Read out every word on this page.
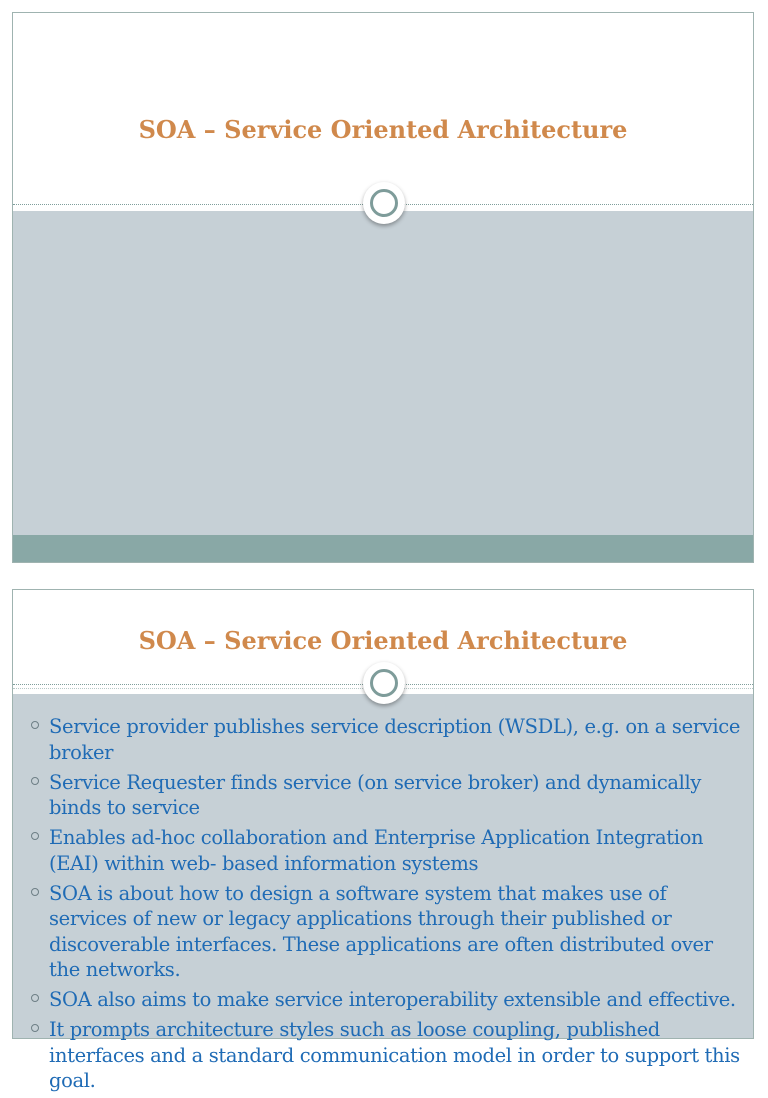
SOA – Service Oriented Architecture
SOA – Service Oriented Architecture
Service provider publishes service description (WSDL), e.g. on a service broker
Service Requester finds service (on service broker) and dynamically binds to service
Enables ad-hoc collaboration and Enterprise Application Integration (EAI) within web- based information systems
SOA is about how to design a software system that makes use of services of new or legacy applications through their published or discoverable interfaces. These applications are often distributed over the networks.
SOA also aims to make service interoperability extensible and effective.
It prompts architecture styles such as loose coupling, published interfaces and a standard communication model in order to support this goal.
